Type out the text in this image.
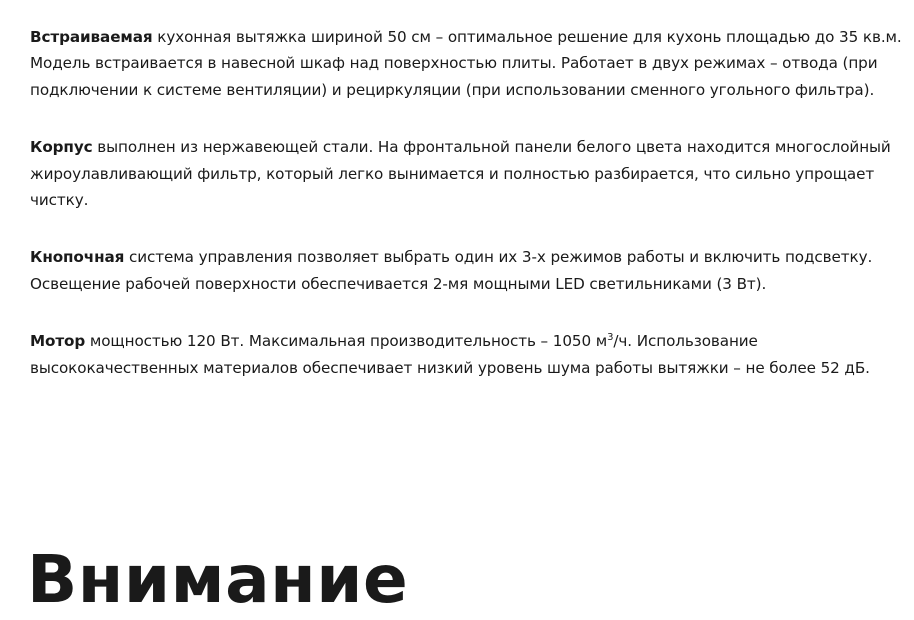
Встраиваемая кухонная вытяжка шириной 50 см – оптимальное решение для кухонь площадью до 35 кв.м. Модель встраивается в навесной шкаф над поверхностью плиты. Работает в двух режимах – отвода (при подключении к системе вентиляции) и рециркуляции (при использовании сменного угольного фильтра).

Корпус выполнен из нержавеющей стали. На фронтальной панели белого цвета находится многослойный жироулавливающий фильтр, который легко вынимается и полностью разбирается, что сильно упрощает чистку.

Кнопочная система управления позволяет выбрать один их 3-х режимов работы и включить подсветку. Освещение рабочей поверхности обеспечивается 2-мя мощными LED светильниками (3 Вт).

Мотор мощностью 120 Вт. Максимальная производительность – 1050 $м^3/ч$. Использование высококачественных материалов обеспечивает низкий уровень шума работы вытяжки – не более 52 дБ.

Внимание
